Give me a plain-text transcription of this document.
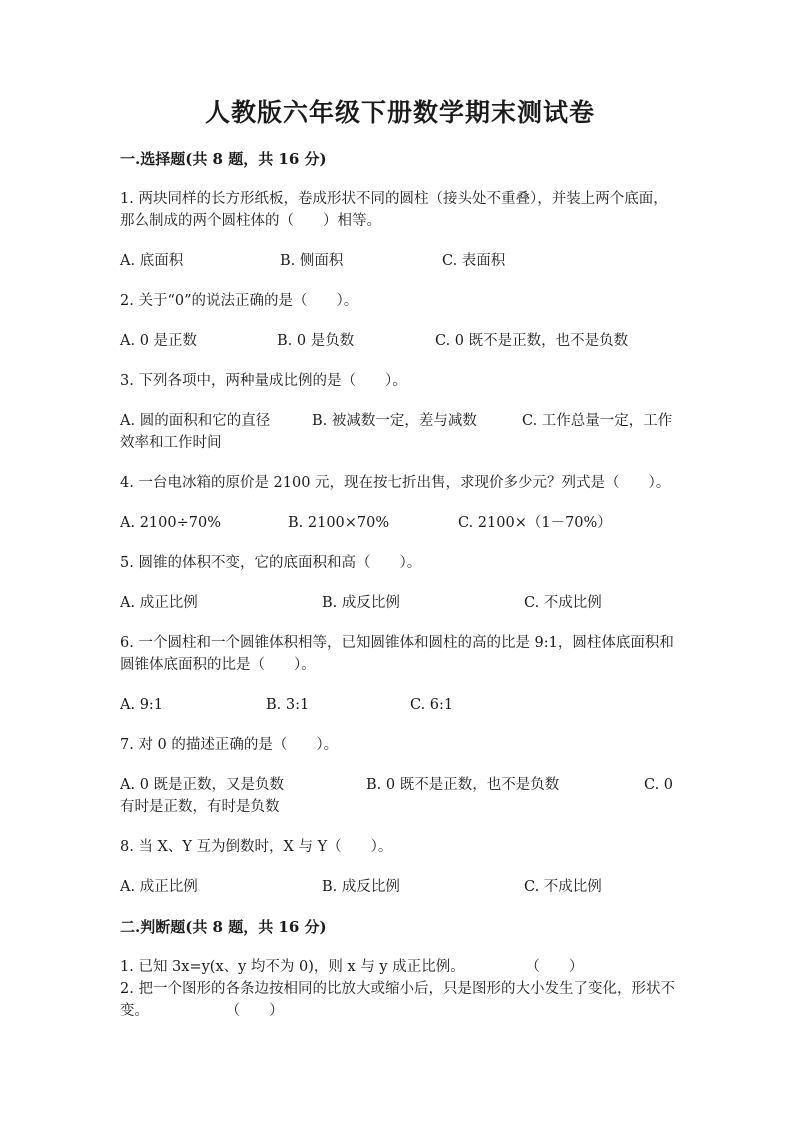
人教版六年级下册数学期末测试卷
一.选择题(共 8 题，共 16 分)
1. 两块同样的长方形纸板，卷成形状不同的圆柱（接头处不重叠），并装上两个底面，那么制成的两个圆柱体的（　　）相等。
A. 底面积	B. 侧面积	C. 表面积
2. 关于“0”的说法正确的是（　　）。
A. 0 是正数	B. 0 是负数	C. 0 既不是正数，也不是负数
3. 下列各项中，两种量成比例的是（　　）。
A. 圆的面积和它的直径	B. 被减数一定，差与减数	C. 工作总量一定，工作效率和工作时间
4. 一台电冰箱的原价是 2100 元，现在按七折出售，求现价多少元？列式是（　　）。
A. 2100÷70%	B. 2100×70%	C. 2100×（1－70%）
5. 圆锥的体积不变，它的底面积和高（　　）。
A. 成正比例	B. 成反比例	C. 不成比例
6. 一个圆柱和一个圆锥体积相等，已知圆锥体和圆柱的高的比是 9:1，圆柱体底面积和圆锥体底面积的比是（　　）。
A. 9:1	B. 3:1	C. 6:1
7. 对 0 的描述正确的是（　　）。
A. 0 既是正数，又是负数	B. 0 既不是正数，也不是负数	C. 0 有时是正数，有时是负数
8. 当 X、Y 互为倒数时，X 与 Y（　　）。
A. 成正比例	B. 成反比例	C. 不成比例
二.判断题(共 8 题，共 16 分)
1. 已知 3x=y(x、y 均不为 0)，则 x 与 y 成正比例。	（　　）
2. 把一个图形的各条边按相同的比放大或缩小后，只是图形的大小发生了变化，形状不变。	（　　）
